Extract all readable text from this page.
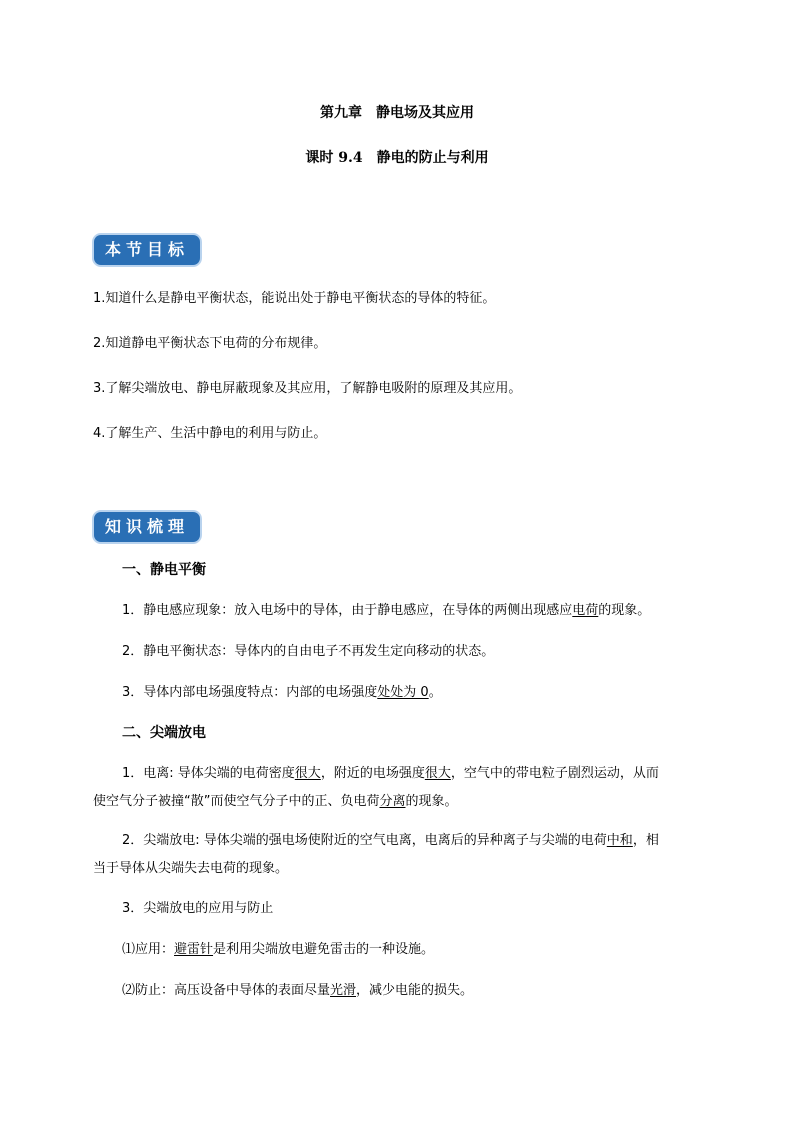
第九章　静电场及其应用
课时 9.4　静电的防止与利用
本节目标
1.知道什么是静电平衡状态，能说出处于静电平衡状态的导体的特征。
2.知道静电平衡状态下电荷的分布规律。
3.了解尖端放电、静电屏蔽现象及其应用，了解静电吸附的原理及其应用。
4.了解生产、生活中静电的利用与防止。
知识梳理
一、静电平衡
1．静电感应现象：放入电场中的导体，由于静电感应，在导体的两侧出现感应电荷的现象。
2．静电平衡状态：导体内的自由电子不再发生定向移动的状态。
3．导体内部电场强度特点：内部的电场强度处处为 0。
二、尖端放电
1．电离: 导体尖端的电荷密度很大，附近的电场强度很大，空气中的带电粒子剧烈运动，从而
使空气分子被撞“散”而使空气分子中的正、负电荷分离的现象。
2．尖端放电: 导体尖端的强电场使附近的空气电离，电离后的异种离子与尖端的电荷中和，相
当于导体从尖端失去电荷的现象。
3．尖端放电的应用与防止
⑴应用：避雷针是利用尖端放电避免雷击的一种设施。
⑵防止：高压设备中导体的表面尽量光滑，减少电能的损失。
